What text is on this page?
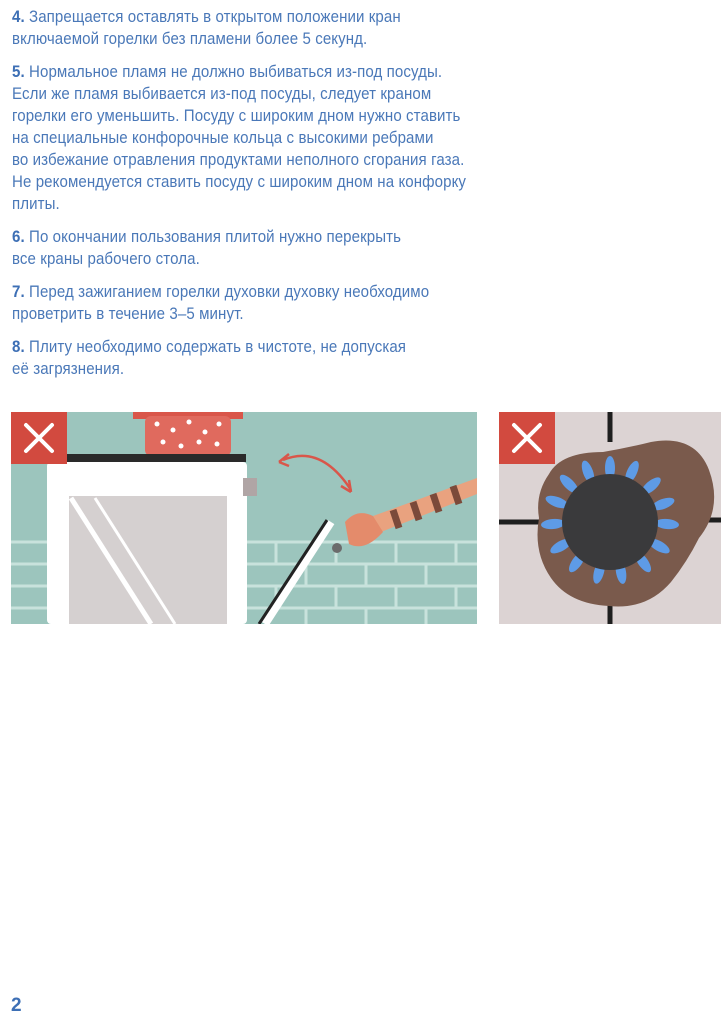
4. Запрещается оставлять в открытом положении кран
включаемой горелки без пламени более 5 секунд.

5. Нормальное пламя не должно выбиваться из-под посуды.
Если же пламя выбивается из-под посуды, следует краном
горелки его уменьшить. Посуду с широким дном нужно ставить
на специальные конфорочные кольца с высокими ребрами
во избежание отравления продуктами неполного сгорания газа.
Не рекомендуется ставить посуду с широким дном на конфорку
плиты.

6. По окончании пользования плитой нужно перекрыть
все краны рабочего стола.

7. Перед зажиганием горелки духовки духовку необходимо
проветрить в течение 3–5 минут.

8. Плиту необходимо содержать в чистоте, не допуская
её загрязнения.

2
